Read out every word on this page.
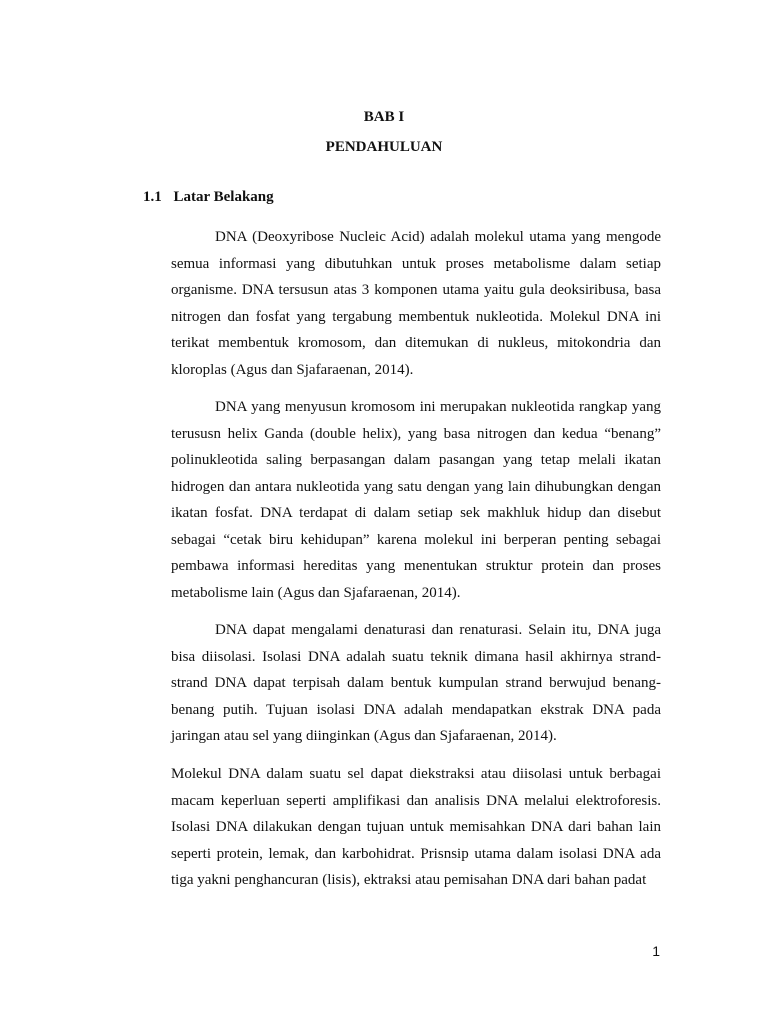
BAB I

PENDAHULUAN

1.1 Latar Belakang

DNA (Deoxyribose Nucleic Acid) adalah molekul utama yang mengode semua informasi yang dibutuhkan untuk proses metabolisme dalam setiap organisme. DNA tersusun atas 3 komponen utama yaitu gula deoksiribusa, basa nitrogen dan fosfat yang tergabung membentuk nukleotida. Molekul DNA ini terikat membentuk kromosom, dan ditemukan di nukleus, mitokondria dan kloroplas (Agus dan Sjafaraenan, 2014).

DNA yang menyusun kromosom ini merupakan nukleotida rangkap yang terususn helix Ganda (double helix), yang basa nitrogen dan kedua “benang” polinukleotida saling berpasangan dalam pasangan yang tetap melali ikatan hidrogen dan antara nukleotida yang satu dengan yang lain dihubungkan dengan ikatan fosfat. DNA terdapat di dalam setiap sek makhluk hidup dan disebut sebagai “cetak biru kehidupan” karena molekul ini berperan penting sebagai pembawa informasi hereditas yang menentukan struktur protein dan proses metabolisme lain (Agus dan Sjafaraenan, 2014).

DNA dapat mengalami denaturasi dan renaturasi. Selain itu, DNA juga bisa diisolasi. Isolasi DNA adalah suatu teknik dimana hasil akhirnya strand-strand DNA dapat terpisah dalam bentuk kumpulan strand berwujud benang-benang putih. Tujuan isolasi DNA adalah mendapatkan ekstrak DNA pada jaringan atau sel yang diinginkan (Agus dan Sjafaraenan, 2014).

Molekul DNA dalam suatu sel dapat diekstraksi atau diisolasi untuk berbagai macam keperluan seperti amplifikasi dan analisis DNA melalui elektroforesis. Isolasi DNA dilakukan dengan tujuan untuk memisahkan DNA dari bahan lain seperti protein, lemak, dan karbohidrat. Prisnsip utama dalam isolasi DNA ada tiga yakni penghancuran (lisis), ektraksi atau pemisahan DNA dari bahan padat

1
